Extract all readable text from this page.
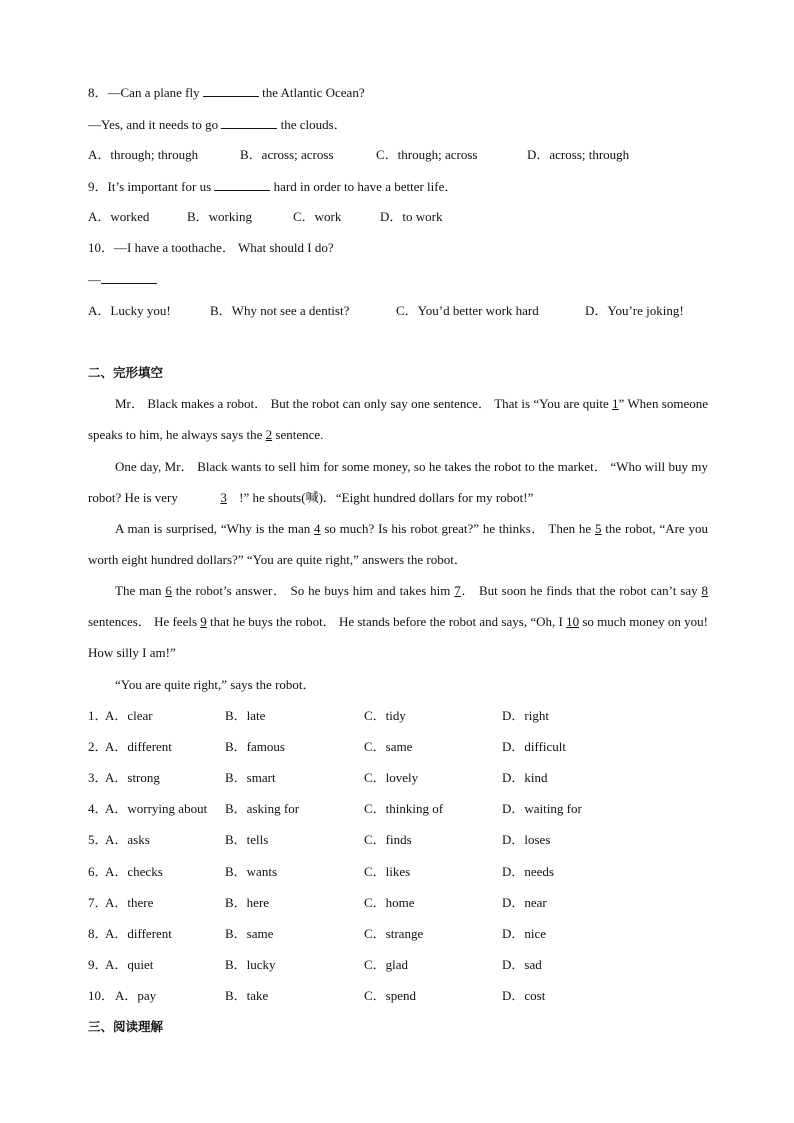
8．—Can a plane fly	the Atlantic Ocean?
—Yes, and it needs to go	the clouds．
A．through; through	B．across; across	C．through; across	D．across; through
9．It’s important for us	hard in order to have a better life．
A．worked	B．working	C．work	D．to work
10．—I have a toothache． What should I do?
—
A．Lucky you!	B．Why not see a dentist?	C．You’d better work hard	D．You’re joking!
二、完形填空
Mr． Black makes a robot． But the robot can only say one sentence． That is “You are quite 1” When someone speaks to him, he always says the 2 sentence.
One day, Mr． Black wants to sell him for some money, so he takes the robot to the market． “Who will buy my robot? He is very	3 !” he shouts(喊)．“Eight hundred dollars for my robot!”
A man is surprised, “Why is the man 4 so much? Is his robot great?” he thinks． Then he 5 the robot, “Are you worth eight hundred dollars?” “You are quite right,” answers the robot．
The man 6 the robot’s answer． So he buys him and takes him 7． But soon he finds that the robot can’t say 8 sentences． He feels 9 that he buys the robot． He stands before the robot and says, “Oh, I 10 so much money on you! How silly I am!”
“You are quite right,” says the robot．
1．
A．clear	B．late	C．tidy	D．right
2．
A．different	B．famous	C．same	D．difficult
3．
A．strong	B．smart	C．lovely	D．kind
4．
A．worrying about B．asking for	C．thinking of	D．waiting for
5．
A．asks	B．tells	C．finds	D．loses
6．
A．checks	B．wants	C．likes	D．needs
7．
A．there	B．here	C．home	D．near
8．
A．different	B．same	C．strange	D．nice
9．
A．quiet	B．lucky	C．glad	D．sad
10． A．pay	B．take	C．spend	D．cost
三、阅读理解
